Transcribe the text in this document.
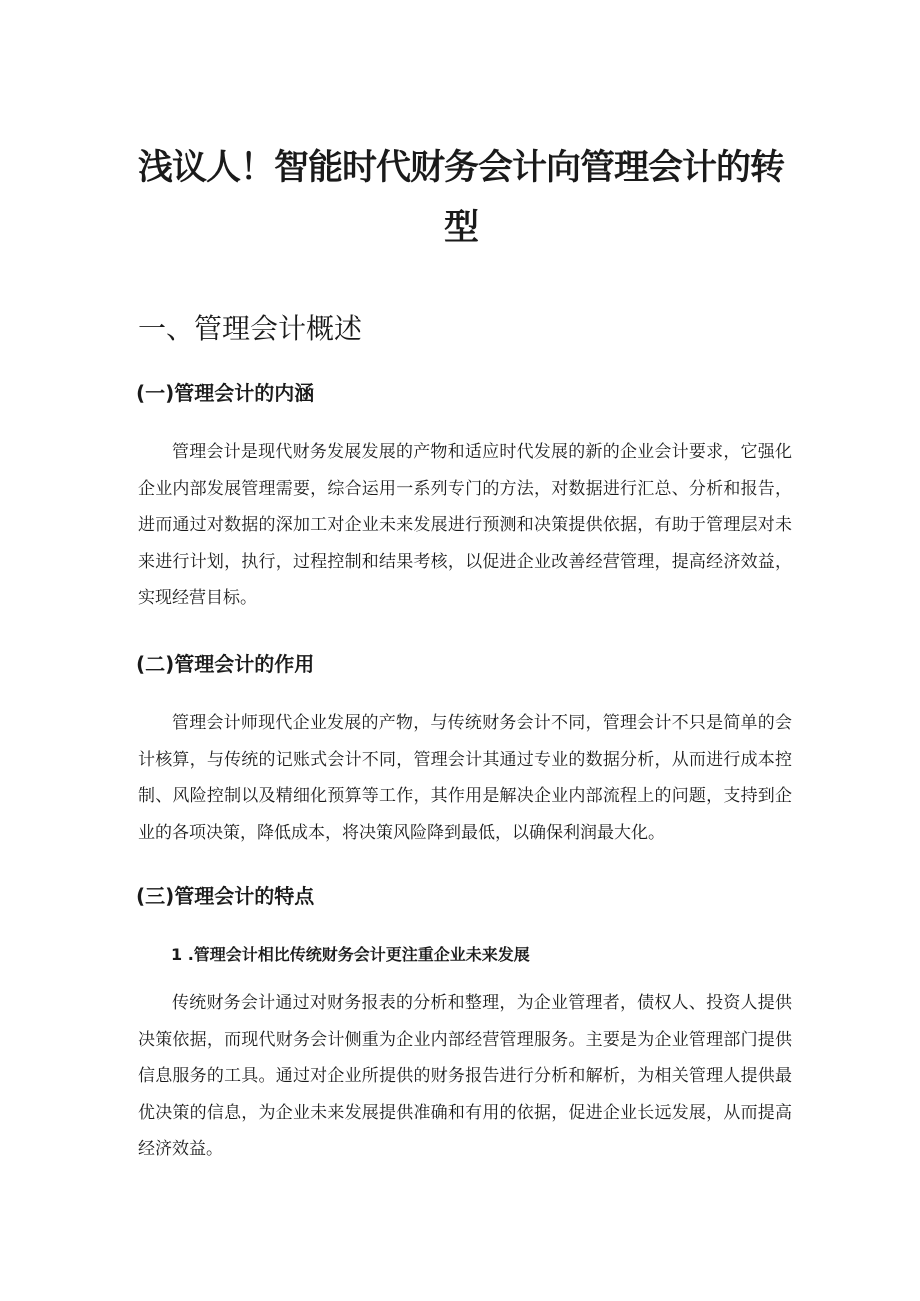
浅议人！智能时代财务会计向管理会计的转
型
一、管理会计概述
(一)管理会计的内涵

管理会计是现代财务发展发展的产物和适应时代发展的新的企业会计要求，它强化企业内部发展管理需要，综合运用一系列专门的方法，对数据进行汇总、分析和报告，进而通过对数据的深加工对企业未来发展进行预测和决策提供依据，有助于管理层对未来进行计划，执行，过程控制和结果考核，以促进企业改善经营管理，提高经济效益，实现经营目标。

(二)管理会计的作用

管理会计师现代企业发展的产物，与传统财务会计不同，管理会计不只是简单的会计核算，与传统的记账式会计不同，管理会计其通过专业的数据分析，从而进行成本控制、风险控制以及精细化预算等工作，其作用是解决企业内部流程上的问题，支持到企业的各项决策，降低成本，将决策风险降到最低，以确保利润最大化。

(三)管理会计的特点
1 .管理会计相比传统财务会计更注重企业未来发展

传统财务会计通过对财务报表的分析和整理，为企业管理者，债权人、投资人提供决策依据，而现代财务会计侧重为企业内部经营管理服务。主要是为企业管理部门提供信息服务的工具。通过对企业所提供的财务报告进行分析和解析，为相关管理人提供最优决策的信息，为企业未来发展提供准确和有用的依据，促进企业长远发展，从而提高经济效益。
